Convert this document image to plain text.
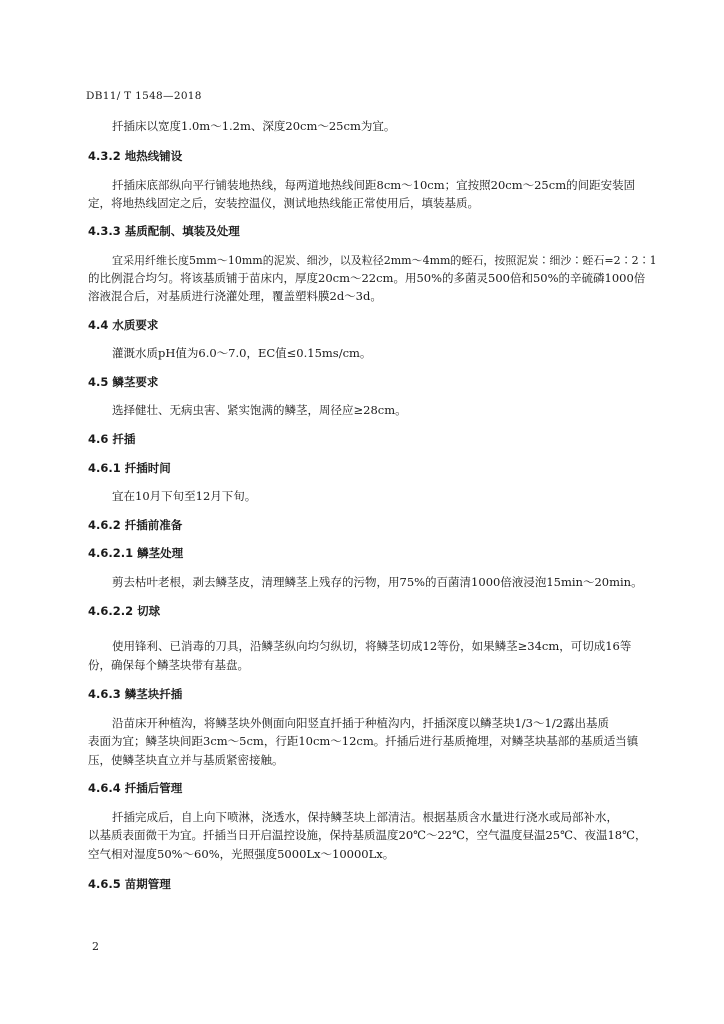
DB11/ T 1548—2018
扦插床以宽度1.0m～1.2m、深度20cm～25cm为宜。
4.3.2 地热线铺设
扦插床底部纵向平行铺装地热线，每两道地热线间距8cm～10cm；宜按照20cm～25cm的间距安装固
定，将地热线固定之后，安装控温仪，测试地热线能正常使用后，填装基质。
4.3.3 基质配制、填装及处理
宜采用纤维长度5mm～10mm的泥炭、细沙，以及粒径2mm～4mm的蛭石，按照泥炭∶细沙∶蛭石=2∶2∶1
的比例混合均匀。将该基质铺于苗床内，厚度20cm～22cm。用50%的多菌灵500倍和50%的辛硫磷1000倍
溶液混合后，对基质进行浇灌处理，覆盖塑料膜2d～3d。
4.4 水质要求
灌溉水质pH值为6.0～7.0，EC值≤0.15ms/cm。
4.5 鳞茎要求
选择健壮、无病虫害、紧实饱满的鳞茎，周径应≥28cm。
4.6 扦插
4.6.1 扦插时间
宜在10月下旬至12月下旬。
4.6.2 扦插前准备
4.6.2.1 鳞茎处理
剪去枯叶老根，剥去鳞茎皮，清理鳞茎上残存的污物，用75%的百菌清1000倍液浸泡15min～20min。
4.6.2.2 切球
使用锋利、已消毒的刀具，沿鳞茎纵向均匀纵切，将鳞茎切成12等份，如果鳞茎≥34cm，可切成16等
份，确保每个鳞茎块带有基盘。
4.6.3 鳞茎块扦插
沿苗床开种植沟，将鳞茎块外侧面向阳竖直扦插于种植沟内，扦插深度以鳞茎块1/3～1/2露出基质
表面为宜；鳞茎块间距3cm～5cm，行距10cm～12cm。扦插后进行基质掩埋，对鳞茎块基部的基质适当镇
压，使鳞茎块直立并与基质紧密接触。
4.6.4 扦插后管理
扦插完成后，自上向下喷淋，浇透水，保持鳞茎块上部清洁。根据基质含水量进行浇水或局部补水，
以基质表面微干为宜。扦插当日开启温控设施，保持基质温度20℃～22℃，空气温度昼温25℃、夜温18℃，
空气相对湿度50%～60%，光照强度5000Lx～10000Lx。
4.6.5 苗期管理
2
